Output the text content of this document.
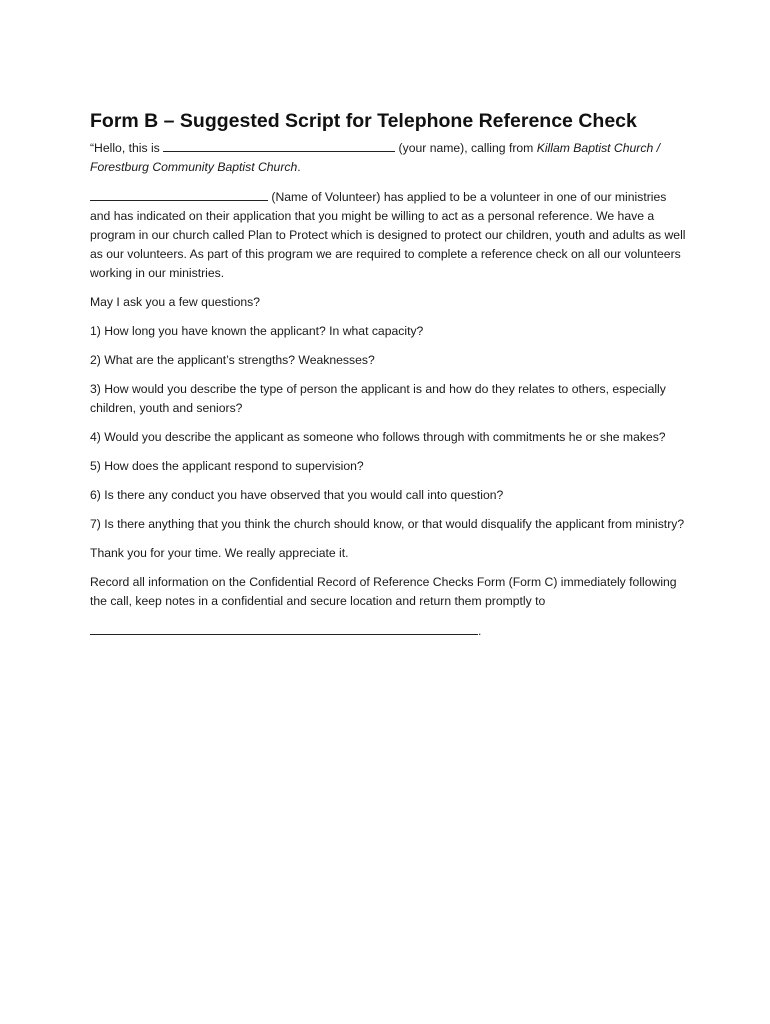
Form B – Suggested Script for Telephone Reference Check

“Hello, this is	(your name), calling from Killam Baptist Church / Forestburg Community Baptist Church.

(Name of Volunteer) has applied to be a volunteer in one of our ministries and has indicated on their application that you might be willing to act as a personal reference. We have a program in our church called Plan to Protect which is designed to protect our children, youth and adults as well as our volunteers. As part of this program we are required to complete a reference check on all our volunteers working in our ministries.

May I ask you a few questions?

1) How long you have known the applicant? In what capacity?

2) What are the applicant’s strengths? Weaknesses?

3) How would you describe the type of person the applicant is and how do they relates to others, especially children, youth and seniors?

4) Would you describe the applicant as someone who follows through with commitments he or she makes?

5) How does the applicant respond to supervision?

6) Is there any conduct you have observed that you would call into question?

7) Is there anything that you think the church should know, or that would disqualify the applicant from ministry?

Thank you for your time. We really appreciate it.

Record all information on the Confidential Record of Reference Checks Form (Form C) immediately following the call, keep notes in a confidential and secure location and return them promptly to

.
